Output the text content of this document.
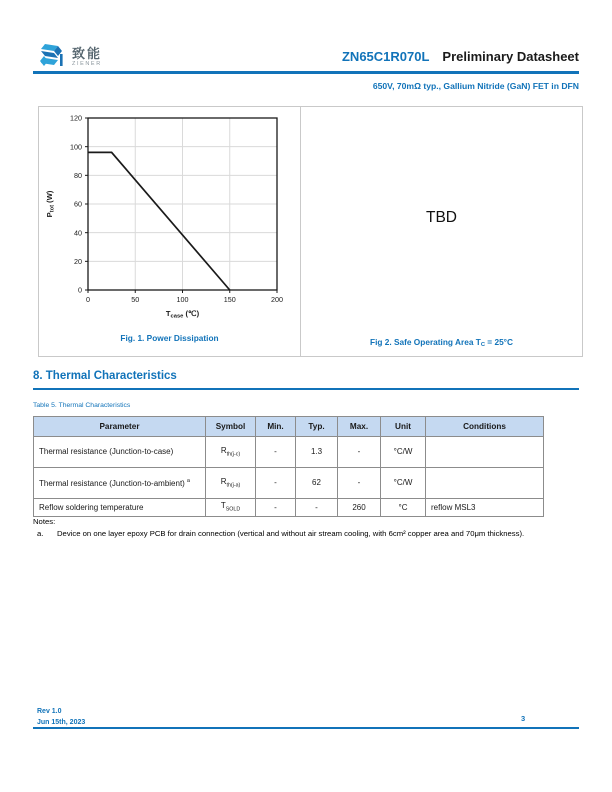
致能
ZIENER	ZN65C1R070L Preliminary Datasheet
650V, 70mΩ typ., Gallium Nitride (GaN) FET in DFN
0	50	100	150	200
0
20
40
60
80
100
120
Tcase (℃)
Ptot (W)
Fig. 1. Power Dissipation
TBD
Fig 2. Safe Operating Area TC = 25°C
8. Thermal Characteristics
Table 5. Thermal Characteristics
Parameter	Symbol	Min.	Typ.	Max.	Unit	Conditions
Thermal resistance (Junction-to-case)	$R_{th(j-c)}$	-	1.3	-	°C/W	
Thermal resistance (Junction-to-ambient) $^a$	$R_{th(j-a)}$	-	62	-	°C/W	
Reflow soldering temperature	$T_{SOLD}$	-	-	260	°C	reflow MSL3
Notes:
a.	Device on one layer epoxy PCB for drain connection (vertical and without air stream cooling, with 6cm² copper area and 70μm thickness).
Rev 1.0
Jun 15th, 2023	3
